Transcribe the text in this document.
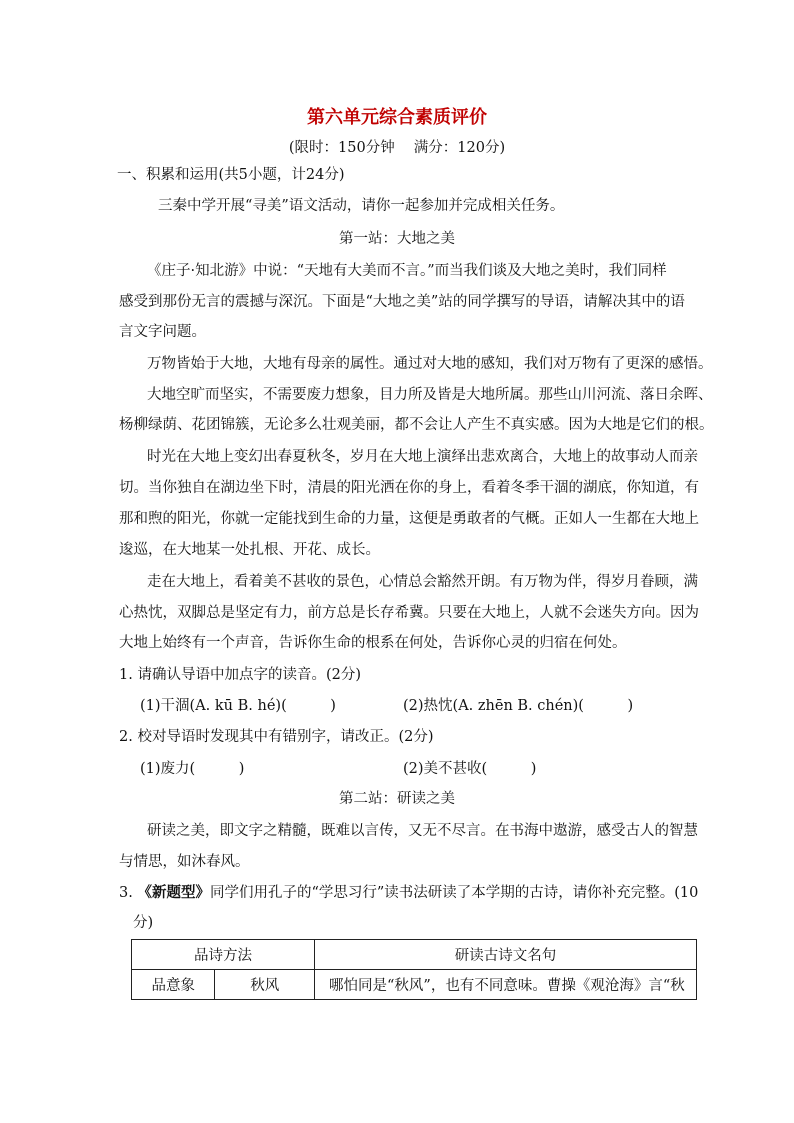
第六单元综合素质评价
(限时：150分钟　 满分：120分)
一、积累和运用(共5小题，计24分)
三秦中学开展“寻美”语文活动，请你一起参加并完成相关任务。
第一站：大地之美
《庄子·知北游》中说：“天地有大美而不言。”而当我们谈及大地之美时，我们同样
感受到那份无言的震撼与深沉。下面是“大地之美”站的同学撰写的导语，请解决其中的语
言文字问题。
万物皆始于大地，大地有母亲的属性。通过对大地的感知，我们对万物有了更深的感悟。
大地空旷而坚实，不需要废力想象，目力所及皆是大地所属。那些山川河流、落日余晖、
杨柳绿荫、花团锦簇，无论多么壮观美丽，都不会让人产生不真实感。因为大地是它们的根。
时光在大地上变幻出春夏秋冬，岁月在大地上演绎出悲欢离合，大地上的故事动人而亲
切。当你独自在湖边坐下时，清晨的阳光洒在你的身上，看着冬季干涸的湖底，你知道，有
那和煦的阳光，你就一定能找到生命的力量，这便是勇敢者的气概。正如人一生都在大地上
逡巡，在大地某一处扎根、开花、成长。
走在大地上，看着美不甚收的景色，心情总会豁然开朗。有万物为伴，得岁月眷顾，满
心热忱，双脚总是坚定有力，前方总是长存希冀。只要在大地上，人就不会迷失方向。因为
大地上始终有一个声音，告诉你生命的根系在何处，告诉你心灵的归宿在何处。
1. 请确认导语中加点字的读音。(2分)
(1)干涸(A. kū B. hé)(　　　)	(2)热忱(A. zhēn B. chén)(　　　)
2. 校对导语时发现其中有错别字，请改正。(2分)
(1)废力(　　　)	(2)美不甚收(　　　)
第二站：研读之美
研读之美，即文字之精髓，既难以言传，又无不尽言。在书海中遨游，感受古人的智慧
与情思，如沐春风。
3. 《新题型》同学们用孔子的“学思习行”读书法研读了本学期的古诗，请你补充完整。(10
分)
品诗方法		研读古诗文名句
品意象	秋风	哪怕同是“秋风”，也有不同意味。曹操《观沧海》言“秋
